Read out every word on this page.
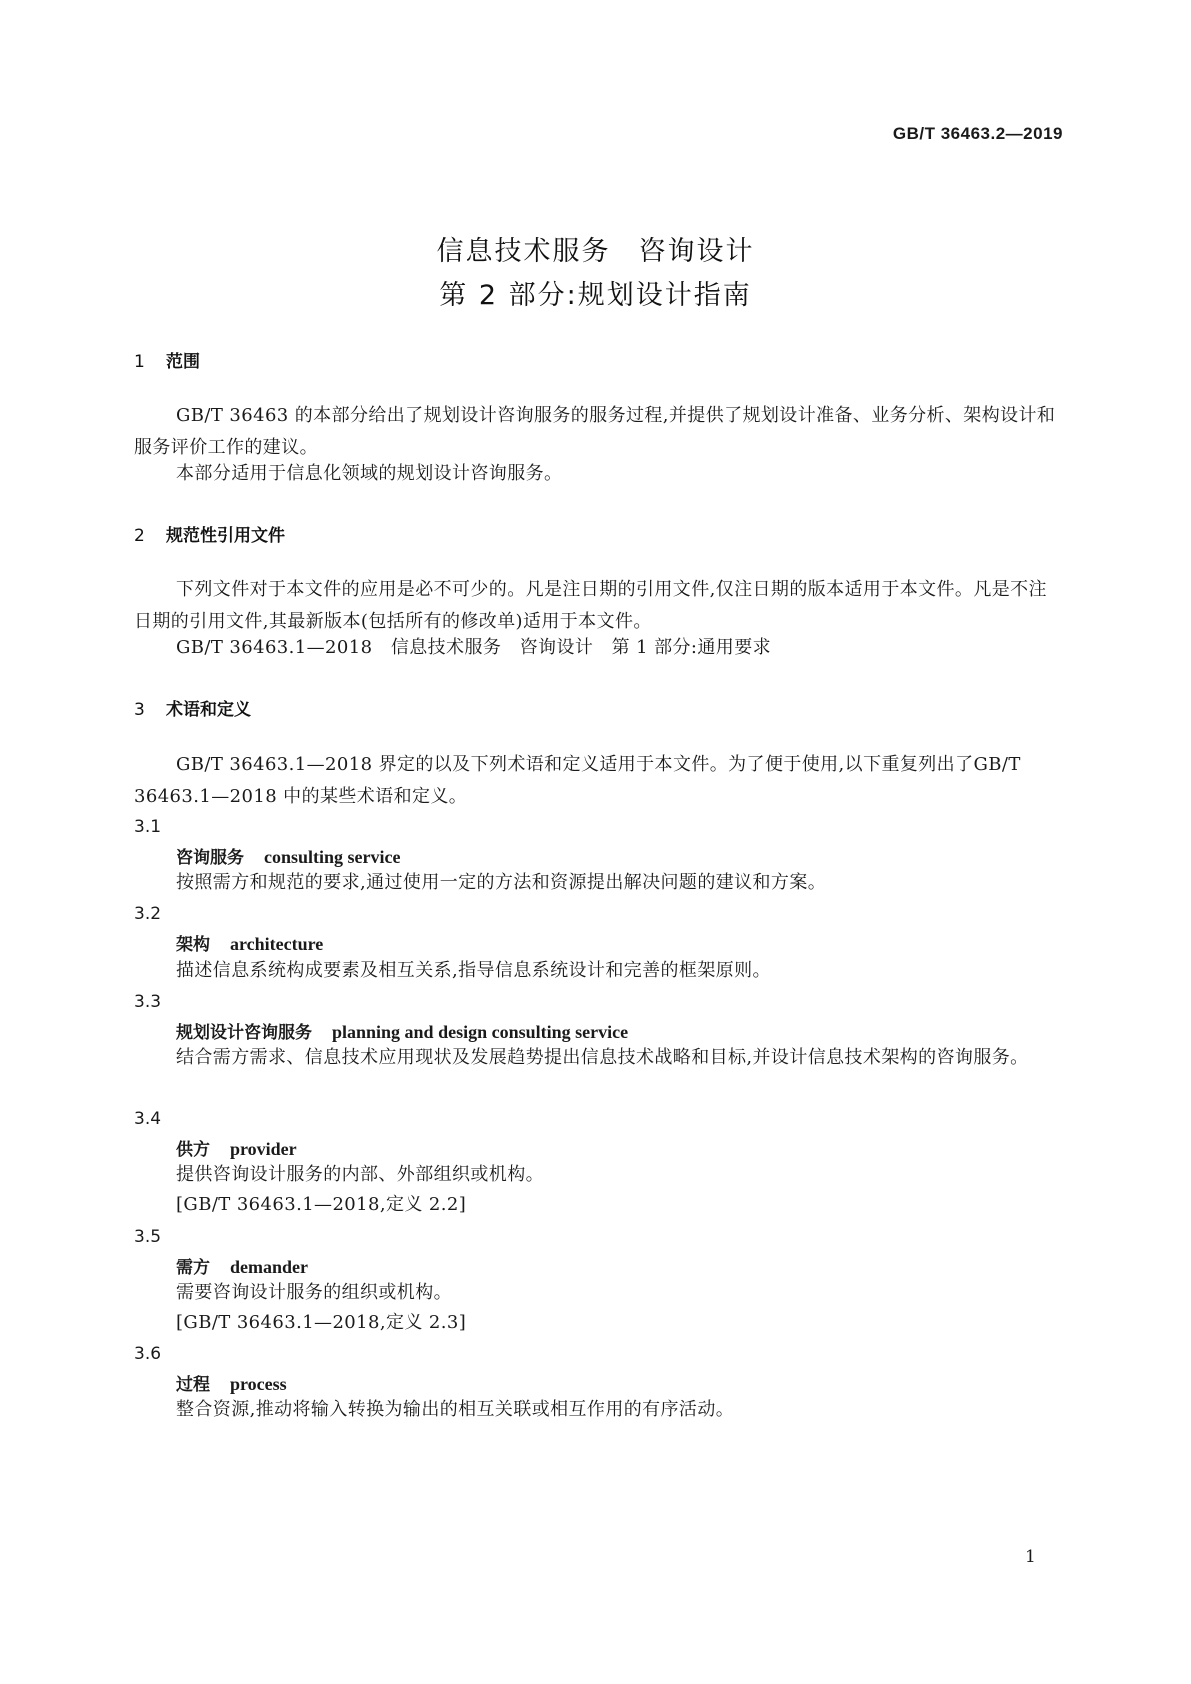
GB/T 36463.2—2019
信息技术服务 咨询设计
第 2 部分:规划设计指南
1 范围
GB/T 36463 的本部分给出了规划设计咨询服务的服务过程,并提供了规划设计准备、业务分析、架构设计和服务评价工作的建议。
本部分适用于信息化领域的规划设计咨询服务。
2 规范性引用文件
下列文件对于本文件的应用是必不可少的。凡是注日期的引用文件,仅注日期的版本适用于本文件。凡是不注日期的引用文件,其最新版本(包括所有的修改单)适用于本文件。
GB/T 36463.1—2018　信息技术服务　咨询设计　第 1 部分:通用要求
3 术语和定义
GB/T 36463.1—2018 界定的以及下列术语和定义适用于本文件。为了便于使用,以下重复列出了GB/T 36463.1—2018 中的某些术语和定义。
3.1
咨询服务 consulting service
按照需方和规范的要求,通过使用一定的方法和资源提出解决问题的建议和方案。
3.2
架构 architecture
描述信息系统构成要素及相互关系,指导信息系统设计和完善的框架原则。
3.3
规划设计咨询服务 planning and design consulting service
结合需方需求、信息技术应用现状及发展趋势提出信息技术战略和目标,并设计信息技术架构的咨询服务。
3.4
供方 provider
提供咨询设计服务的内部、外部组织或机构。
[GB/T 36463.1—2018,定义 2.2]
3.5
需方 demander
需要咨询设计服务的组织或机构。
[GB/T 36463.1—2018,定义 2.3]
3.6
过程 process
整合资源,推动将输入转换为输出的相互关联或相互作用的有序活动。
1
